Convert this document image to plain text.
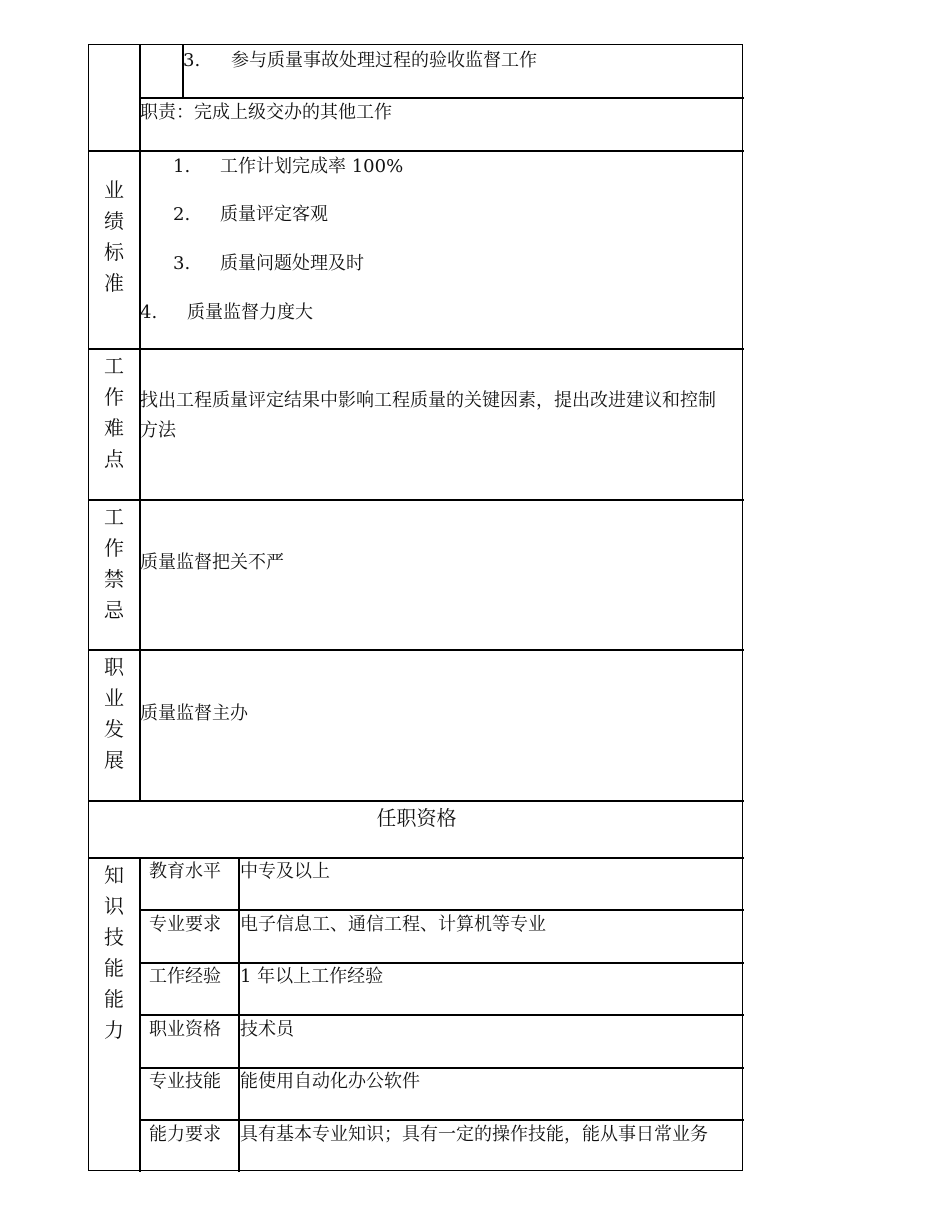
3. 参与质量事故处理过程的验收监督工作
职责：完成上级交办的其他工作
业
绩
标
准
1. 工作计划完成率 100%
2. 质量评定客观
3. 质量问题处理及时
4. 质量监督力度大
工
作
难
点
找出工程质量评定结果中影响工程质量的关键因素，提出改进建议和控制方法
工
作
禁
忌
质量监督把关不严
职
业
发
展
质量监督主办
任职资格
知
识
技
能
能
力
教育水平 中专及以上
专业要求 电子信息工、通信工程、计算机等专业
工作经验 1 年以上工作经验
职业资格 技术员
专业技能 能使用自动化办公软件
能力要求 具有基本专业知识；具有一定的操作技能，能从事日常业务
